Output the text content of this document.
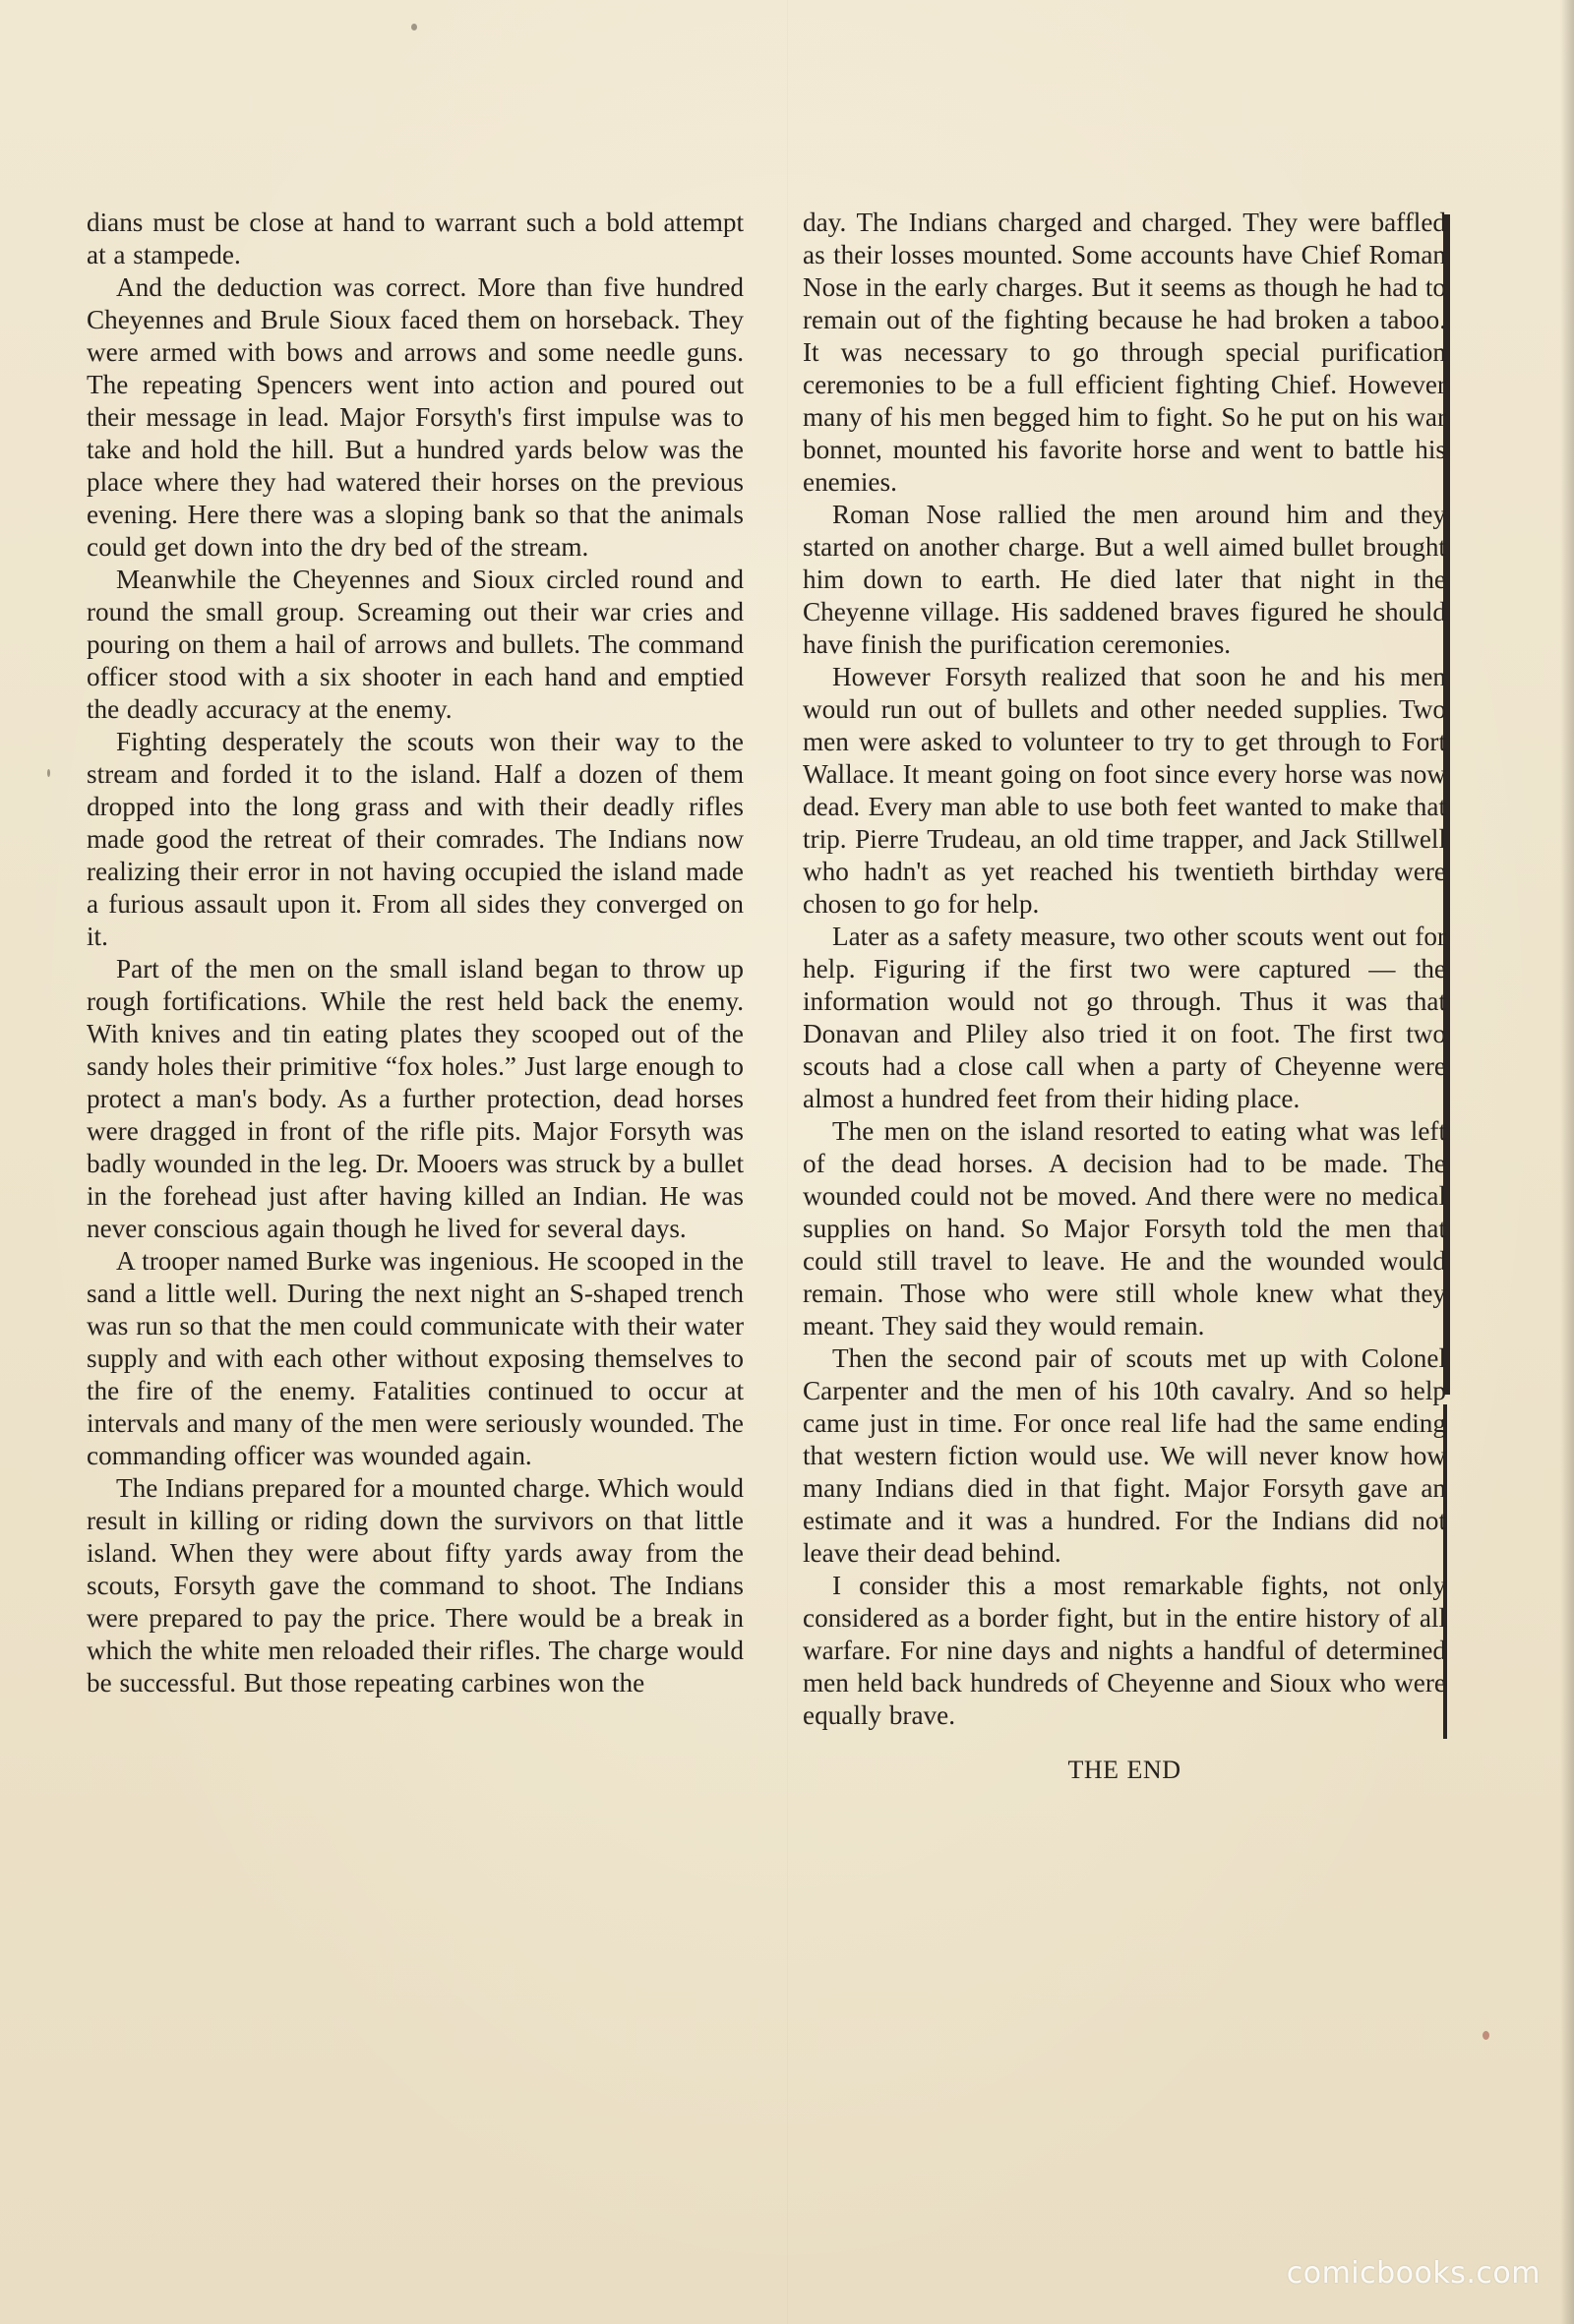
dians must be close at hand to warrant such a bold attempt at a stampede.

And the deduction was correct. More than five hundred Cheyennes and Brule Sioux faced them on horseback. They were armed with bows and arrows and some needle guns. The repeating Spencers went into action and poured out their message in lead. Major Forsyth's first impulse was to take and hold the hill. But a hundred yards below was the place where they had watered their horses on the previous evening. Here there was a sloping bank so that the animals could get down into the dry bed of the stream.

Meanwhile the Cheyennes and Sioux circled round and round the small group. Screaming out their war cries and pouring on them a hail of arrows and bullets. The command officer stood with a six shooter in each hand and emptied the deadly accuracy at the enemy.

Fighting desperately the scouts won their way to the stream and forded it to the island. Half a dozen of them dropped into the long grass and with their deadly rifles made good the retreat of their comrades. The Indians now realizing their error in not having occupied the island made a furious assault upon it. From all sides they converged on it.

Part of the men on the small island began to throw up rough fortifications. While the rest held back the enemy. With knives and tin eating plates they scooped out of the sandy holes their primitive “fox holes.” Just large enough to protect a man's body. As a further protection, dead horses were dragged in front of the rifle pits. Major Forsyth was badly wounded in the leg. Dr. Mooers was struck by a bullet in the forehead just after having killed an Indian. He was never conscious again though he lived for several days.

A trooper named Burke was ingenious. He scooped in the sand a little well. During the next night an S-shaped trench was run so that the men could communicate with their water supply and with each other without exposing themselves to the fire of the enemy. Fatalities continued to occur at intervals and many of the men were seriously wounded. The commanding officer was wounded again.

The Indians prepared for a mounted charge. Which would result in killing or riding down the survivors on that little island. When they were about fifty yards away from the scouts, Forsyth gave the command to shoot. The Indians were prepared to pay the price. There would be a break in which the white men reloaded their rifles. The charge would be successful. But those repeating carbines won the

day. The Indians charged and charged. They were baffled as their losses mounted. Some accounts have Chief Roman Nose in the early charges. But it seems as though he had to remain out of the fighting because he had broken a taboo. It was necessary to go through special purification ceremonies to be a full efficient fighting Chief. However many of his men begged him to fight. So he put on his war bonnet, mounted his favorite horse and went to battle his enemies.

Roman Nose rallied the men around him and they started on another charge. But a well aimed bullet brought him down to earth. He died later that night in the Cheyenne village. His saddened braves figured he should have finish the purification ceremonies.

However Forsyth realized that soon he and his men would run out of bullets and other needed supplies. Two men were asked to volunteer to try to get through to Fort Wallace. It meant going on foot since every horse was now dead. Every man able to use both feet wanted to make that trip. Pierre Trudeau, an old time trapper, and Jack Stillwell who hadn't as yet reached his twentieth birthday were chosen to go for help.

Later as a safety measure, two other scouts went out for help. Figuring if the first two were captured — the information would not go through. Thus it was that Donavan and Pliley also tried it on foot. The first two scouts had a close call when a party of Cheyenne were almost a hundred feet from their hiding place.

The men on the island resorted to eating what was left of the dead horses. A decision had to be made. The wounded could not be moved. And there were no medical supplies on hand. So Major Forsyth told the men that could still travel to leave. He and the wounded would remain. Those who were still whole knew what they meant. They said they would remain.

Then the second pair of scouts met up with Colonel Carpenter and the men of his 10th cavalry. And so help came just in time. For once real life had the same ending that western fiction would use. We will never know how many Indians died in that fight. Major Forsyth gave an estimate and it was a hundred. For the Indians did not leave their dead behind.

I consider this a most remarkable fights, not only considered as a border fight, but in the entire history of all warfare. For nine days and nights a handful of determined men held back hundreds of Cheyenne and Sioux who were equally brave.

THE END
comicbooks.com
